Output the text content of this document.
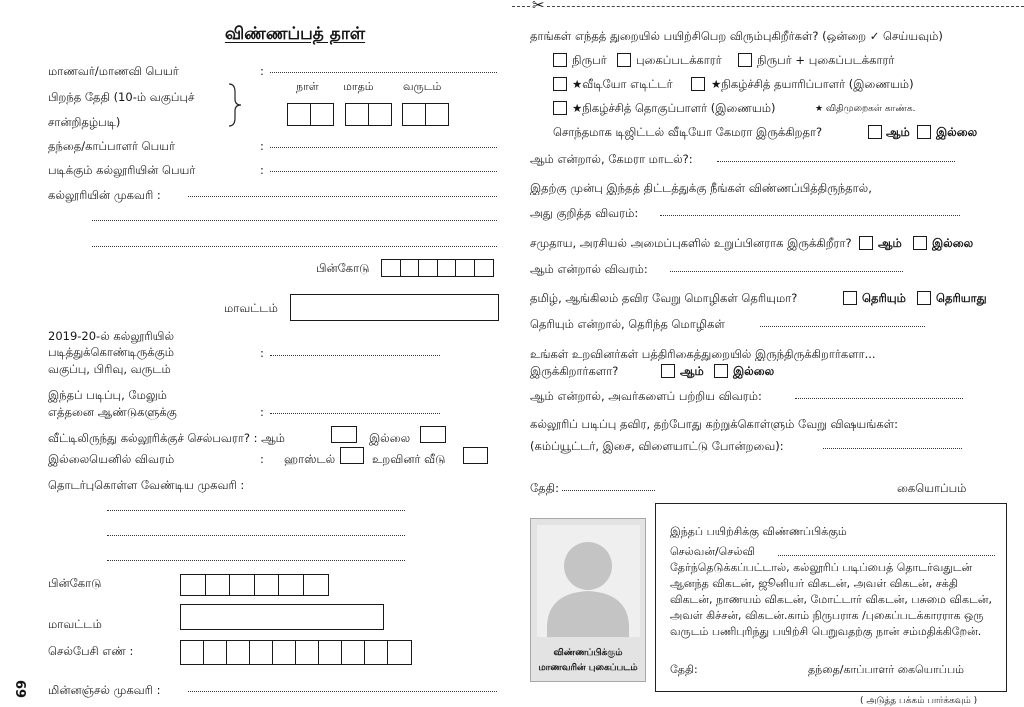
விண்ணப்பத் தாள்
மாணவர்/மாணவி பெயர்	:
பிறந்த தேதி (10-ம் வகுப்புச்
சான்றிதழ்படி)
நாள் மாதம்	வருடம்
தந்தை/காப்பாளர் பெயர்	:
படிக்கும் கல்லூரியின் பெயர்	:
கல்லூரியின் முகவரி :
பின்கோடு
மாவட்டம்
2019-20-ல் கல்லூரியில்
படித்துக்கொண்டிருக்கும்
வகுப்பு, பிரிவு, வருடம்
:
இந்தப் படிப்பு, மேலும்
எத்தனை ஆண்டுகளுக்கு	:
வீட்டிலிருந்து கல்லூரிக்குச் செல்பவரா? : ஆம்	இல்லை
இல்லையெனில் விவரம்	: ஹாஸ்டல்	உறவினர் வீடு
தொடர்புகொள்ள வேண்டிய முகவரி :
பின்கோடு
மாவட்டம்
செல்பேசி எண் :
மின்னஞ்சல் முகவரி :
69
✂
தாங்கள் எந்தத் துறையில் பயிற்சிபெற விரும்புகிறீர்கள்? (ஒன்றை ✓ செய்யவும்)
நிருபர்	புகைப்படக்காரர்	நிருபர் + புகைப்படக்காரர்
★வீடியோ எடிட்டர்	★நிகழ்ச்சித் தயாரிப்பாளர் (இணையம்)
★நிகழ்ச்சித் தொகுப்பாளர் (இணையம்)	★ விதிமுறைகள் காண்க.
சொந்தமாக டிஜிட்டல் வீடியோ கேமரா இருக்கிறதா?	ஆம் இல்லை
ஆம் என்றால், கேமரா மாடல்?:
இதற்கு முன்பு இந்தத் திட்டத்துக்கு நீங்கள் விண்ணப்பித்திருந்தால்,
அது குறித்த விவரம்:
சமுதாய, அரசியல் அமைப்புகளில் உறுப்பினராக இருக்கிறீரா? ஆம்	இல்லை
ஆம் என்றால் விவரம்:
தமிழ், ஆங்கிலம் தவிர வேறு மொழிகள் தெரியுமா?	தெரியும்	தெரியாது
தெரியும் என்றால், தெரிந்த மொழிகள்
உங்கள் உறவினர்கள் பத்திரிகைத்துறையில் இருந்திருக்கிறார்களா...
இருக்கிறார்களா?	ஆம்	இல்லை
ஆம் என்றால், அவர்களைப் பற்றிய விவரம்:
கல்லூரிப் படிப்பு தவிர, தற்போது கற்றுக்கொள்ளும் வேறு விஷயங்கள்:
(கம்ப்யூட்டர், இசை, விளையாட்டு போன்றவை):
தேதி:	கையொப்பம்
விண்ணப்பிக்கும்
மாணவரின் புகைப்படம்
இந்தப் பயிற்சிக்கு விண்ணப்பிக்கும்
செல்வன்/செல்வி
தேர்ந்தெடுக்கப்பட்டால், கல்லூரிப் படிப்பைத் தொடர்வதுடன்
ஆனந்த விகடன், ஜூனியர் விகடன், அவள் விகடன், சக்தி
விகடன், நாணயம் விகடன், மோட்டார் விகடன், பசுமை விகடன்,
அவள் கிச்சன், விகடன்.காம் நிருபராக /புகைப்படக்காரராக ஒரு
வருடம் பணிபுரிந்து பயிற்சி பெறுவதற்கு நான் சம்மதிக்கிறேன்.
தேதி:	தந்தை/காப்பாளர் கையொப்பம்
( அடுத்த பக்கம் பார்க்கவும் )
